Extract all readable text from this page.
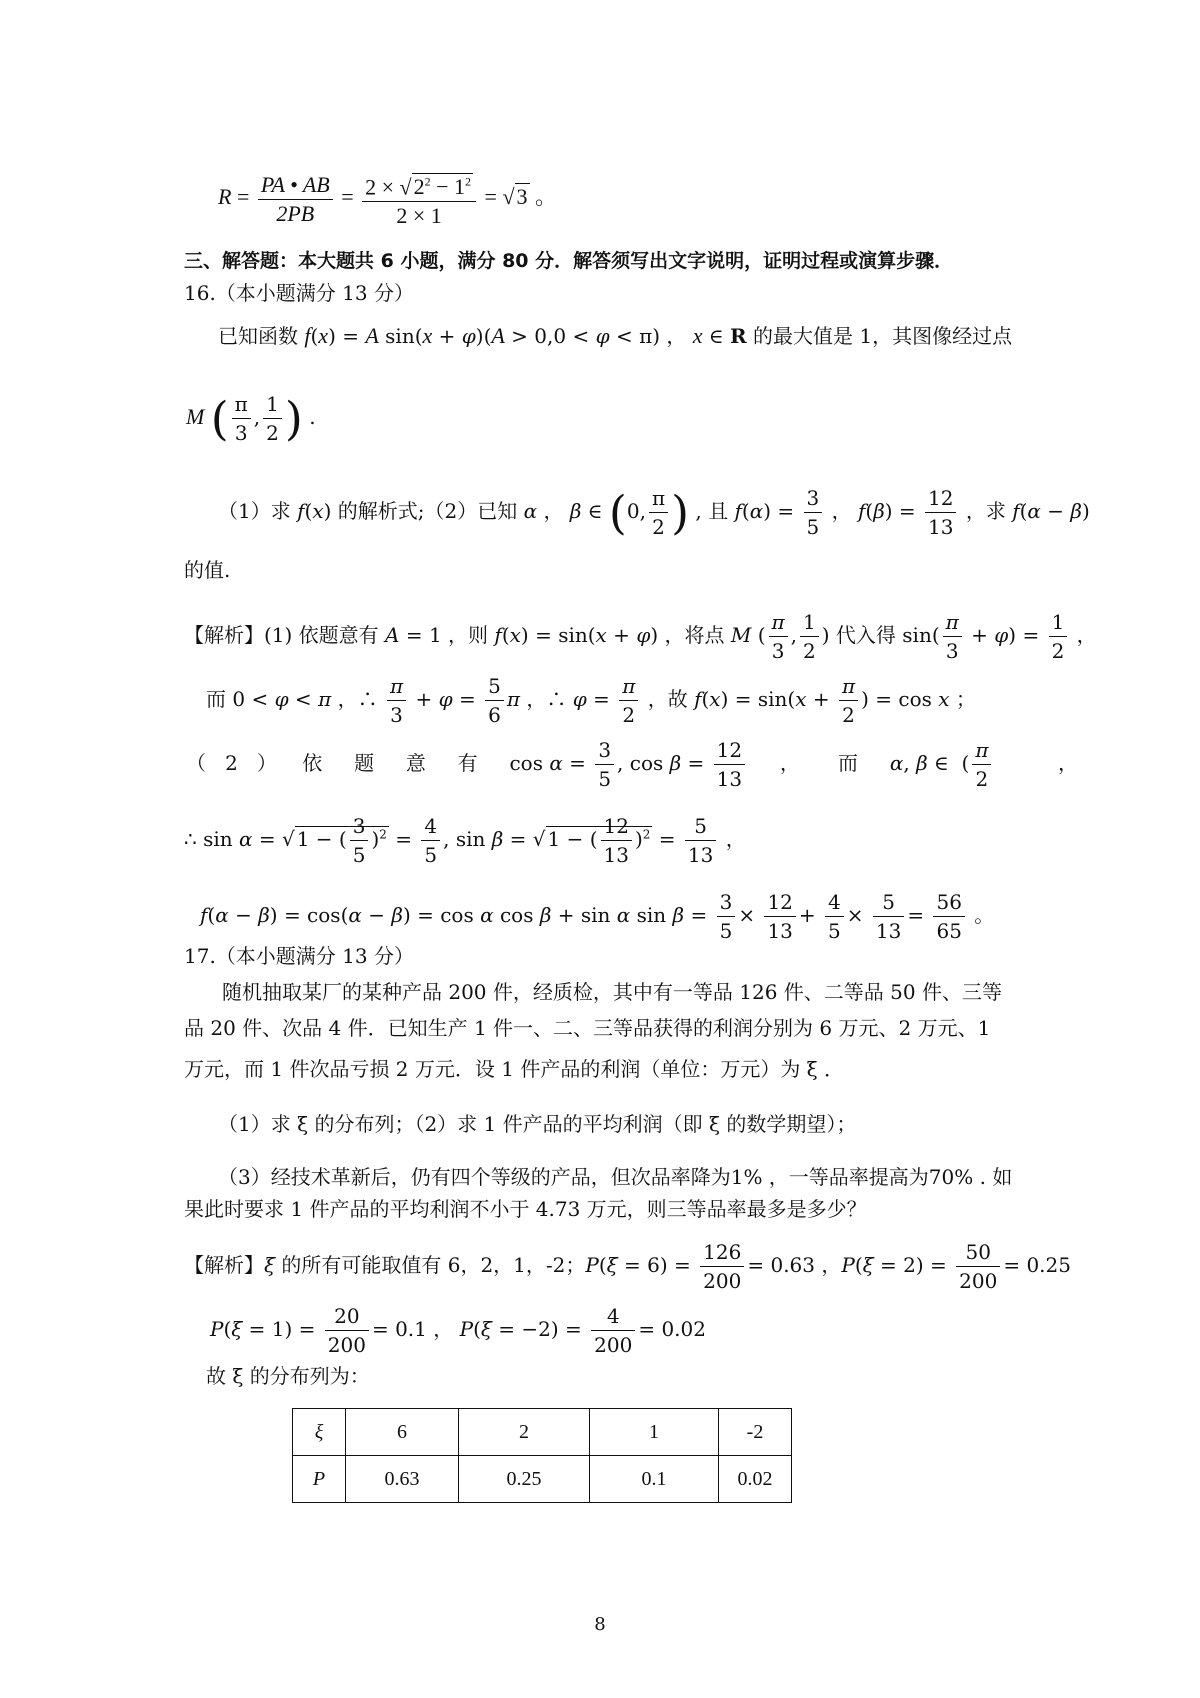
$R = \frac{PA • AB}{2PB} = \frac{2 \times √2^2 - 1^2}{2 \times 1} = √3$ 。
三、解答题：本大题共 6 小题，满分 80 分．解答须写出文字说明，证明过程或演算步骤．
16.（本小题满分 13 分）
已知函数 f(x) = A sin(x + φ)(A > 0,0 < φ < π) ， x ∈ R 的最大值是 1，其图像经过点
M ( $\frac{\pi}{3}$ , $\frac{1}{2}$ ) .
（1）求 f(x) 的解析式;（2）已知 α ， β ∈ (0, $\frac{\pi}{2}$ ) , 且 $f(\alpha) = \frac{3}{5}$ ， $f(\beta) = \frac{12}{13}$ ，求 f(α − β)
的值.
【解析】(1) 依题意有 A = 1 ，则 f(x) = sin(x + φ) ，将点 M ( $\frac{\pi}{3}$ , $\frac{1}{2}$ ) 代入得 $\sin( \frac{\pi}{3} + \varphi) = \frac{1}{2}$ ，
而 0 < φ < π ，∴ $\frac{\pi}{3} + \varphi = \frac{5}{6}$ π ，∴ $\varphi = \frac{\pi}{2}$ ，故 $f(x) = \sin(x + \frac{\pi}{2}$ ) = cos x ；
（   2   ）    依     题     意     有     $\cos \alpha = \frac{3}{5}$ , $\cos \beta = \frac{12}{13}$ ，      而     α, β ∈  ( $\frac{\pi}{2}$ ，
∴ sin α = √ 1 − ( $\frac{3}{5} )^2 = \frac{4}{5}$ , sin β = √ 1 − ( $\frac{12}{13} )^2 = \frac{5}{13}$ ，
f(α − β) = cos(α − β) = cos α cos β + sin α $\sin \beta = \frac{3}{5} \times \frac{12}{13} + \frac{4}{5} \times \frac{5}{13} = \frac{56}{65}$ 。
17.（本小题满分 13 分）
随机抽取某厂的某种产品 200 件，经质检，其中有一等品 126 件、二等品 50 件、三等
品 20 件、次品 4 件．已知生产 1 件一、二、三等品获得的利润分别为 6 万元、2 万元、1
万元，而 1 件次品亏损 2 万元．设 1 件产品的利润（单位：万元）为 ξ ．
（1）求 ξ 的分布列；（2）求 1 件产品的平均利润（即 ξ 的数学期望）；
（3）经技术革新后，仍有四个等级的产品，但次品率降为1% ，一等品率提高为70% . 如
果此时要求 1 件产品的平均利润不小于 4.73 万元，则三等品率最多是多少？
【解析】ξ 的所有可能取值有 6，2，1，-2；$P(\xi = 6) = \frac{126}{200} = 0.63$ ，$P(\xi = 2) = \frac{50}{200} = 0.25$
$P(\xi = 1) = \frac{20}{200} = 0.1$ ， $P(\xi = -2) = \frac{4}{200} = 0.02$
故 ξ 的分布列为：
ξ	6	2	1	-2
P	0.63	0.25	0.1	0.02
8
